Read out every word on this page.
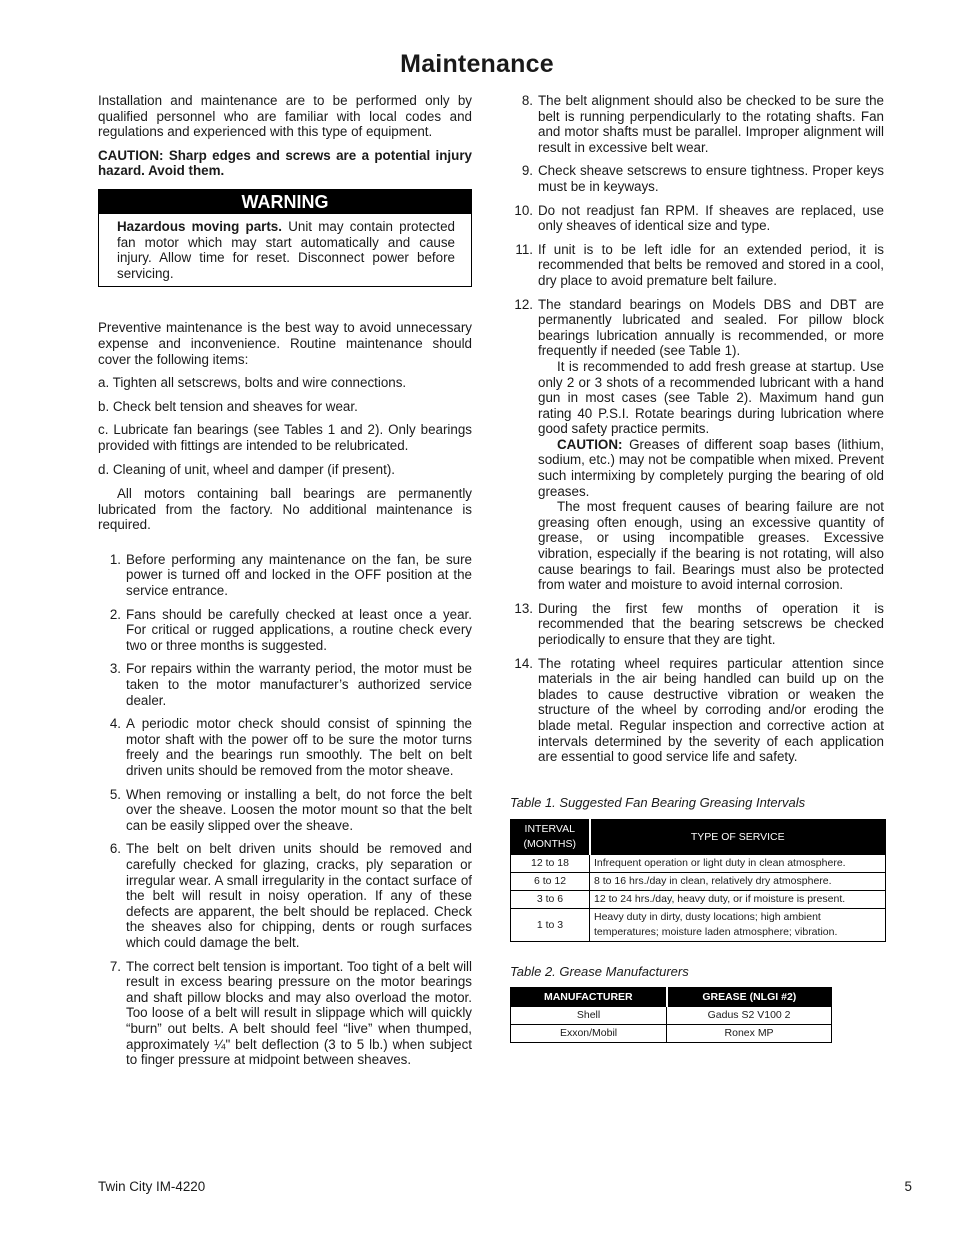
Maintenance

Installation and maintenance are to be performed only by qualified personnel who are familiar with local codes and regulations and experienced with this type of equipment.

CAUTION: Sharp edges and screws are a potential injury hazard. Avoid them.

WARNING
Hazardous moving parts. Unit may contain protected fan motor which may start automatically and cause injury. Allow time for reset. Disconnect power before servicing.

Preventive maintenance is the best way to avoid unnecessary expense and inconvenience. Routine maintenance should cover the following items:

a. Tighten all setscrews, bolts and wire connections.

b. Check belt tension and sheaves for wear.

c. Lubricate fan bearings (see Tables 1 and 2). Only bearings provided with fittings are intended to be relubricated.

d. Cleaning of unit, wheel and damper (if present).

All motors containing ball bearings are permanently lubricated from the factory. No additional maintenance is required.

1. Before performing any maintenance on the fan, be sure power is turned off and locked in the OFF position at the service entrance.
2. Fans should be carefully checked at least once a year. For critical or rugged applications, a routine check every two or three months is suggested.
3. For repairs within the warranty period, the motor must be taken to the motor manufacturer’s authorized service dealer.
4. A periodic motor check should consist of spinning the motor shaft with the power off to be sure the motor turns freely and the bearings run smoothly. The belt on belt driven units should be removed from the motor sheave.
5. When removing or installing a belt, do not force the belt over the sheave. Loosen the motor mount so that the belt can be easily slipped over the sheave.
6. The belt on belt driven units should be removed and carefully checked for glazing, cracks, ply separation or irregular wear. A small irregularity in the contact surface of the belt will result in noisy operation. If any of these defects are apparent, the belt should be replaced. Check the sheaves also for chipping, dents or rough surfaces which could damage the belt.
7. The correct belt tension is important. Too tight of a belt will result in excess bearing pressure on the motor bearings and shaft pillow blocks and may also overload the motor. Too loose of a belt will result in slippage which will quickly “burn” out belts. A belt should feel “live” when thumped, approximately ¼" belt deflection (3 to 5 lb.) when subject to finger pressure at midpoint between sheaves.
8. The belt alignment should also be checked to be sure the belt is running perpendicularly to the rotating shafts. Fan and motor shafts must be parallel. Improper alignment will result in excessive belt wear.
9. Check sheave setscrews to ensure tightness. Proper keys must be in keyways.
10. Do not readjust fan RPM. If sheaves are replaced, use only sheaves of identical size and type.
11. If unit is to be left idle for an extended period, it is recommended that belts be removed and stored in a cool, dry place to avoid premature belt failure.
12. The standard bearings on Models DBS and DBT are permanently lubricated and sealed. For pillow block bearings lubrication annually is recommended, or more frequently if needed (see Table 1).
It is recommended to add fresh grease at startup. Use only 2 or 3 shots of a recommended lubricant with a hand gun in most cases (see Table 2). Maximum hand gun rating 40 P.S.I. Rotate bearings during lubrication where good safety practice permits.
CAUTION: Greases of different soap bases (lithium, sodium, etc.) may not be compatible when mixed. Prevent such intermixing by completely purging the bearing of old greases.
The most frequent causes of bearing failure are not greasing often enough, using an excessive quantity of grease, or using incompatible greases. Excessive vibration, especially if the bearing is not rotating, will also cause bearings to fail. Bearings must also be protected from water and moisture to avoid internal corrosion.
13. During the first few months of operation it is recommended that the bearing setscrews be checked periodically to ensure that they are tight.
14. The rotating wheel requires particular attention since materials in the air being handled can build up on the blades to cause destructive vibration or weaken the structure of the wheel by corroding and/or eroding the blade metal. Regular inspection and corrective action at intervals determined by the severity of each application are essential to good service life and safety.
Table 1. Suggested Fan Bearing Greasing Intervals
INTERVAL (MONTHS)	TYPE OF SERVICE
12 to 18	Infrequent operation or light duty in clean atmosphere.
6 to 12	8 to 16 hrs./day in clean, relatively dry atmosphere.
3 to 6	12 to 24 hrs./day, heavy duty, or if moisture is present.
1 to 3	Heavy duty in dirty, dusty locations; high ambient temperatures; moisture laden atmosphere; vibration.
Table 2. Grease Manufacturers
MANUFACTURER	GREASE (NLGI #2)
Shell	Gadus S2 V100 2
Exxon/Mobil	Ronex MP
Twin City IM-4220	5
